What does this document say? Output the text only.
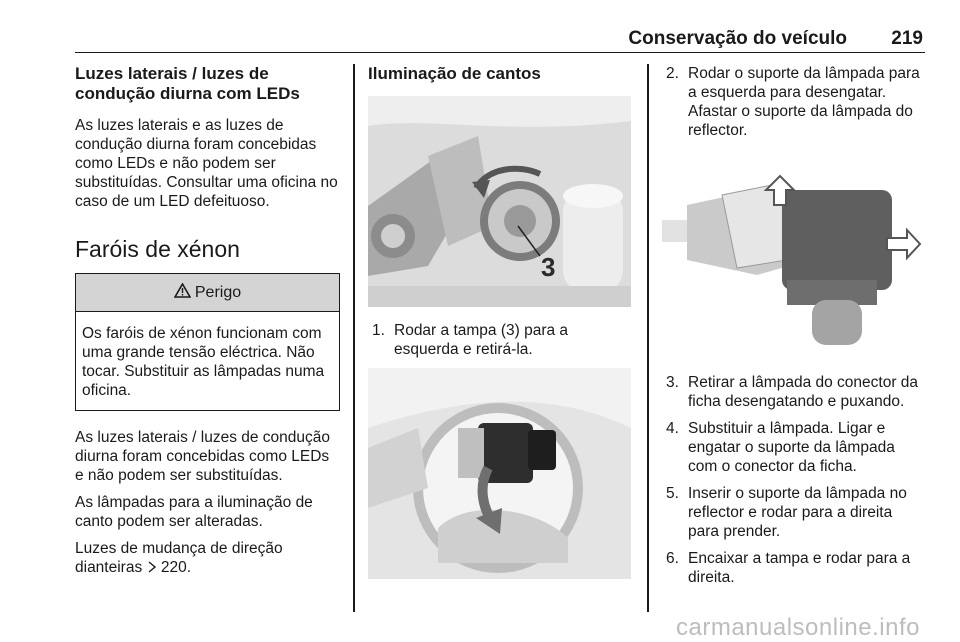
Conservação do veículo 219
Luzes laterais / luzes de condução diurna com LEDs

As luzes laterais e as luzes de condução diurna foram concebidas como LEDs e não podem ser substituídas. Consultar uma oficina no caso de um LED defeituoso.

Faróis de xénon
Perigo
Os faróis de xénon funcionam com uma grande tensão eléctrica. Não tocar. Substituir as lâmpadas numa oficina.

As luzes laterais / luzes de condução diurna foram concebidas como LEDs e não podem ser substituídas.

As lâmpadas para a iluminação de canto podem ser alteradas.

Luzes de mudança de direção dianteiras 220.

Iluminação de cantos
3
1. Rodar a tampa (3) para a esquerda e retirá-la.
2. Rodar o suporte da lâmpada para a esquerda para desengatar. Afastar o suporte da lâmpada do reflector.
3. Retirar a lâmpada do conector da ficha desengatando e puxando.
4. Substituir a lâmpada. Ligar e engatar o suporte da lâmpada com o conector da ficha.
5. Inserir o suporte da lâmpada no reflector e rodar para a direita para prender.
6. Encaixar a tampa e rodar para a direita.
carmanualsonline.info
